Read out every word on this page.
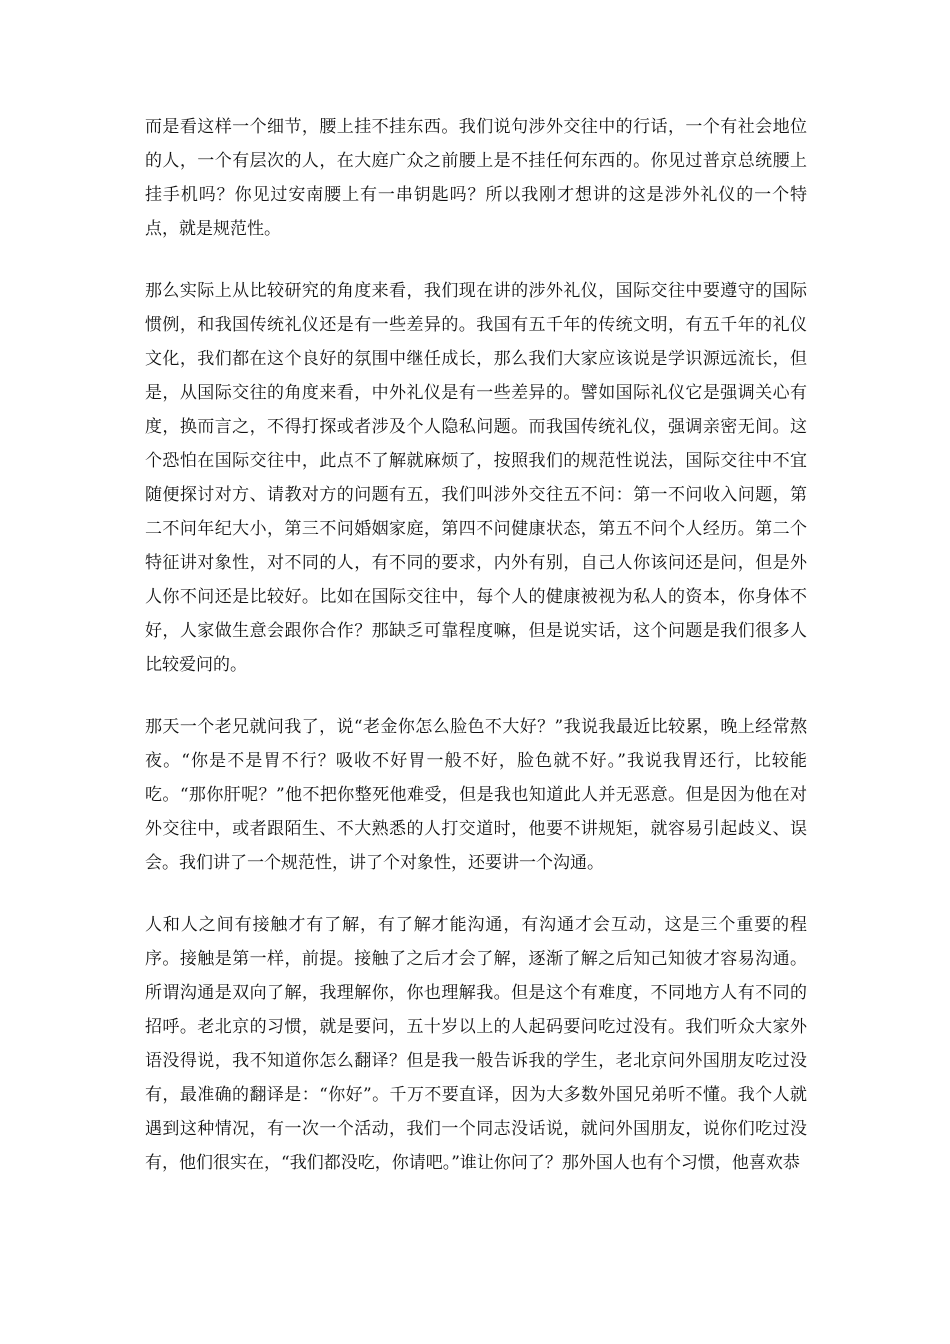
而是看这样一个细节，腰上挂不挂东西。我们说句涉外交往中的行话，一个有社会地位的人，一个有层次的人，在大庭广众之前腰上是不挂任何东西的。你见过普京总统腰上挂手机吗？你见过安南腰上有一串钥匙吗？所以我刚才想讲的这是涉外礼仪的一个特点，就是规范性。

那么实际上从比较研究的角度来看，我们现在讲的涉外礼仪，国际交往中要遵守的国际惯例，和我国传统礼仪还是有一些差异的。我国有五千年的传统文明，有五千年的礼仪文化，我们都在这个良好的氛围中继任成长，那么我们大家应该说是学识源远流长，但是，从国际交往的角度来看，中外礼仪是有一些差异的。譬如国际礼仪它是强调关心有度，换而言之，不得打探或者涉及个人隐私问题。而我国传统礼仪，强调亲密无间。这个恐怕在国际交往中，此点不了解就麻烦了，按照我们的规范性说法，国际交往中不宜随便探讨对方、请教对方的问题有五，我们叫涉外交往五不问：第一不问收入问题，第二不问年纪大小，第三不问婚姻家庭，第四不问健康状态，第五不问个人经历。第二个特征讲对象性，对不同的人，有不同的要求，内外有别，自己人你该问还是问，但是外人你不问还是比较好。比如在国际交往中，每个人的健康被视为私人的资本，你身体不好，人家做生意会跟你合作？那缺乏可靠程度嘛，但是说实话，这个问题是我们很多人比较爱问的。

那天一个老兄就问我了，说“老金你怎么脸色不大好？”我说我最近比较累，晚上经常熬夜。“你是不是胃不行？吸收不好胃一般不好，脸色就不好。”我说我胃还行，比较能吃。“那你肝呢？”他不把你整死他难受，但是我也知道此人并无恶意。但是因为他在对外交往中，或者跟陌生、不大熟悉的人打交道时，他要不讲规矩，就容易引起歧义、误会。我们讲了一个规范性，讲了个对象性，还要讲一个沟通。

人和人之间有接触才有了解，有了解才能沟通，有沟通才会互动，这是三个重要的程序。接触是第一样，前提。接触了之后才会了解，逐渐了解之后知己知彼才容易沟通。所谓沟通是双向了解，我理解你，你也理解我。但是这个有难度，不同地方人有不同的招呼。老北京的习惯，就是要问，五十岁以上的人起码要问吃过没有。我们听众大家外语没得说，我不知道你怎么翻译？但是我一般告诉我的学生，老北京问外国朋友吃过没有，最准确的翻译是：“你好”。千万不要直译，因为大多数外国兄弟听不懂。我个人就遇到这种情况，有一次一个活动，我们一个同志没话说，就问外国朋友，说你们吃过没有，他们很实在，“我们都没吃，你请吧。”谁让你问了？那外国人也有个习惯，他喜欢恭
